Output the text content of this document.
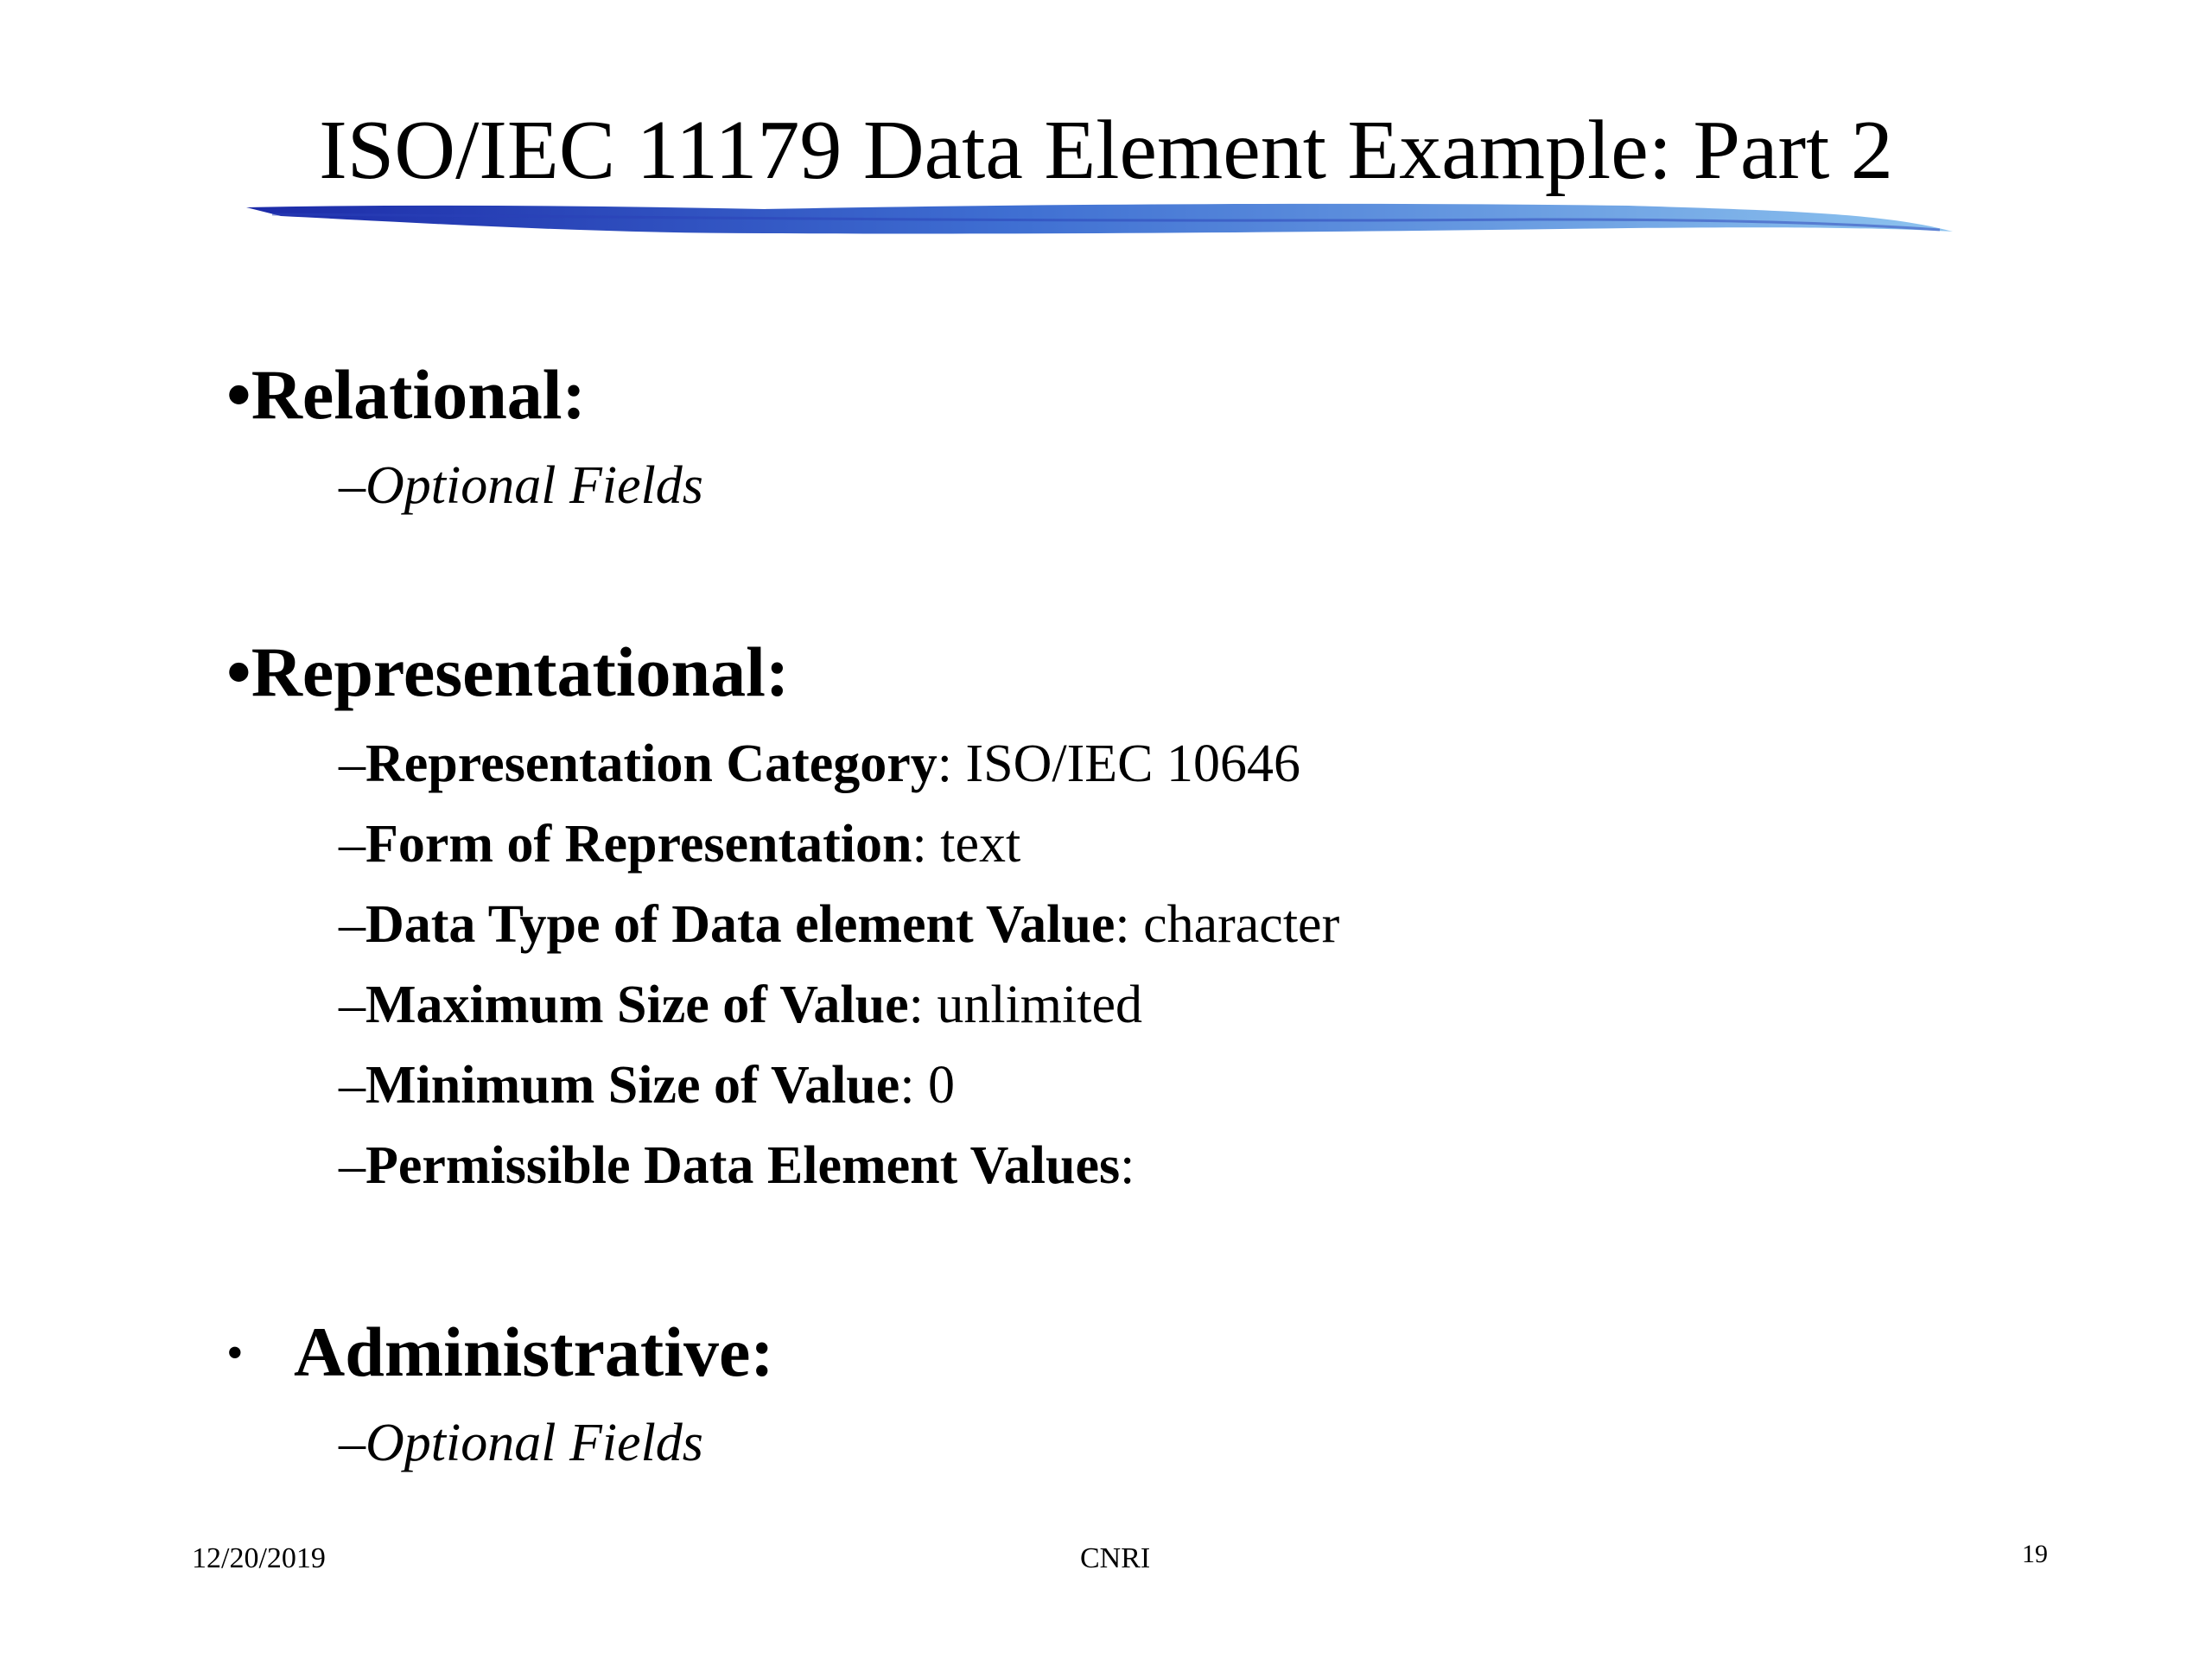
ISO/IEC 11179 Data Element Example: Part 2
•Relational:
–Optional Fields
•Representational:
–Representation Category: ISO/IEC 10646
–Form of Representation: text
–Data Type of Data element Value: character
–Maximum Size of Value: unlimited
–Minimum Size of Value: 0
–Permissible Data Element Values:
• Administrative:
–Optional Fields
12/20/2019	CNRI	19
